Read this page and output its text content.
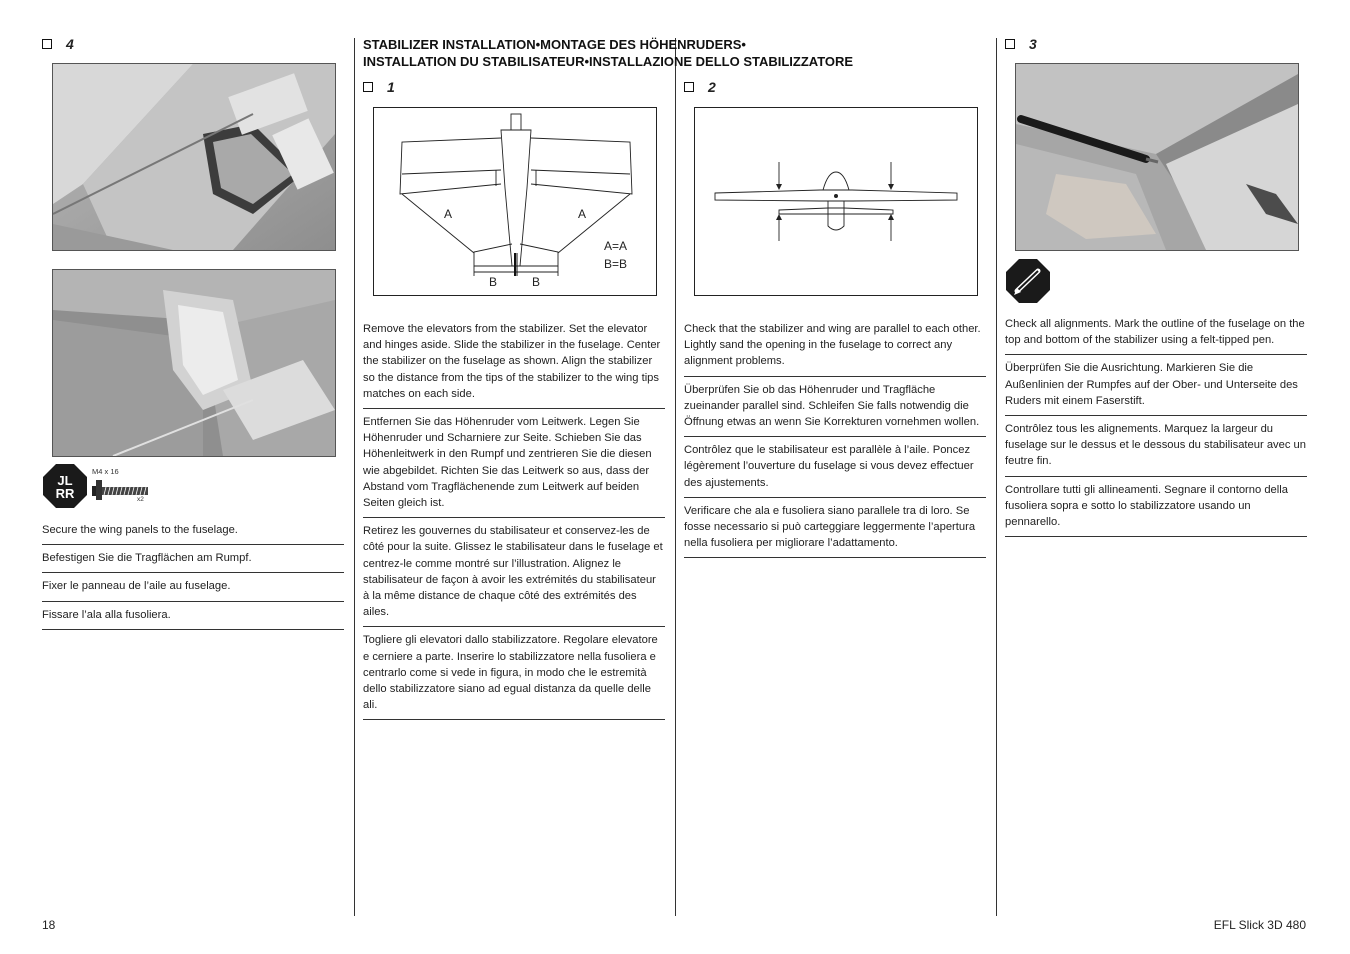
4
JL
RR
M4 x 16
x2

Secure the wing panels to the fuselage.

Befestigen Sie die Tragflächen am Rumpf.

Fixer le panneau de l’aile au fuselage.

Fissare l’ala alla fusoliera.

STABILIZER INSTALLATION•MONTAGE DES HÖHENRUDERS•
INSTALLATION DU STABILISATEUR•INSTALLAZIONE DELLO STABILIZZATORE
1
A	A
B	B
A=A
B=B

Remove the elevators from the stabilizer. Set the elevator and hinges aside. Slide the stabilizer in the fuselage. Center the stabilizer on the fuselage as shown. Align the stabilizer so the distance from the tips of the stabilizer to the wing tips matches on each side.

Entfernen Sie das Höhenruder vom Leitwerk. Legen Sie Höhenruder und Scharniere zur Seite. Schieben Sie das Höhenleitwerk in den Rumpf und zentrieren Sie die diesen wie abgebildet. Richten Sie das Leitwerk so aus, dass der Abstand vom Tragflächenende zum Leitwerk auf beiden Seiten gleich ist.

Retirez les gouvernes du stabilisateur et conservez-les de côté pour la suite. Glissez le stabilisateur dans le fuselage et centrez-le comme montré sur l’illustration. Alignez le stabilisateur de façon à avoir les extrémités du stabilisateur à la même distance de chaque côté des extrémités des ailes.

Togliere gli elevatori dallo stabilizzatore. Regolare elevatore e cerniere a parte. Inserire lo stabilizzatore nella fusoliera e centrarlo come si vede in figura, in modo che le estremità dello stabilizzatore siano ad egual distanza da quelle delle ali.

2

Check that the stabilizer and wing are parallel to each other. Lightly sand the opening in the fuselage to correct any alignment problems.

Überprüfen Sie ob das Höhenruder und Tragfläche zueinander parallel sind. Schleifen Sie falls notwendig die Öffnung etwas an wenn Sie Korrekturen vornehmen wollen.

Contrôlez que le stabilisateur est parallèle à l’aile. Poncez légèrement l’ouverture du fuselage si vous devez effectuer des ajustements.

Verificare che ala e fusoliera siano parallele tra di loro. Se fosse necessario si può carteggiare leggermente l’apertura nella fusoliera per migliorare l’adattamento.

3

Check all alignments. Mark the outline of the fuselage on the top and bottom of the stabilizer using a felt-tipped pen.

Überprüfen Sie die Ausrichtung. Markieren Sie die Außenlinien der Rumpfes auf der Ober- und Unterseite des Ruders mit einem Faserstift.

Contrôlez tous les alignements. Marquez la largeur du fuselage sur le dessus et le dessous du stabilisateur avec un feutre fin.

Controllare tutti gli allineamenti. Segnare il contorno della fusoliera sopra e sotto lo stabilizzatore usando un pennarello.

18	EFL Slick 3D 480
